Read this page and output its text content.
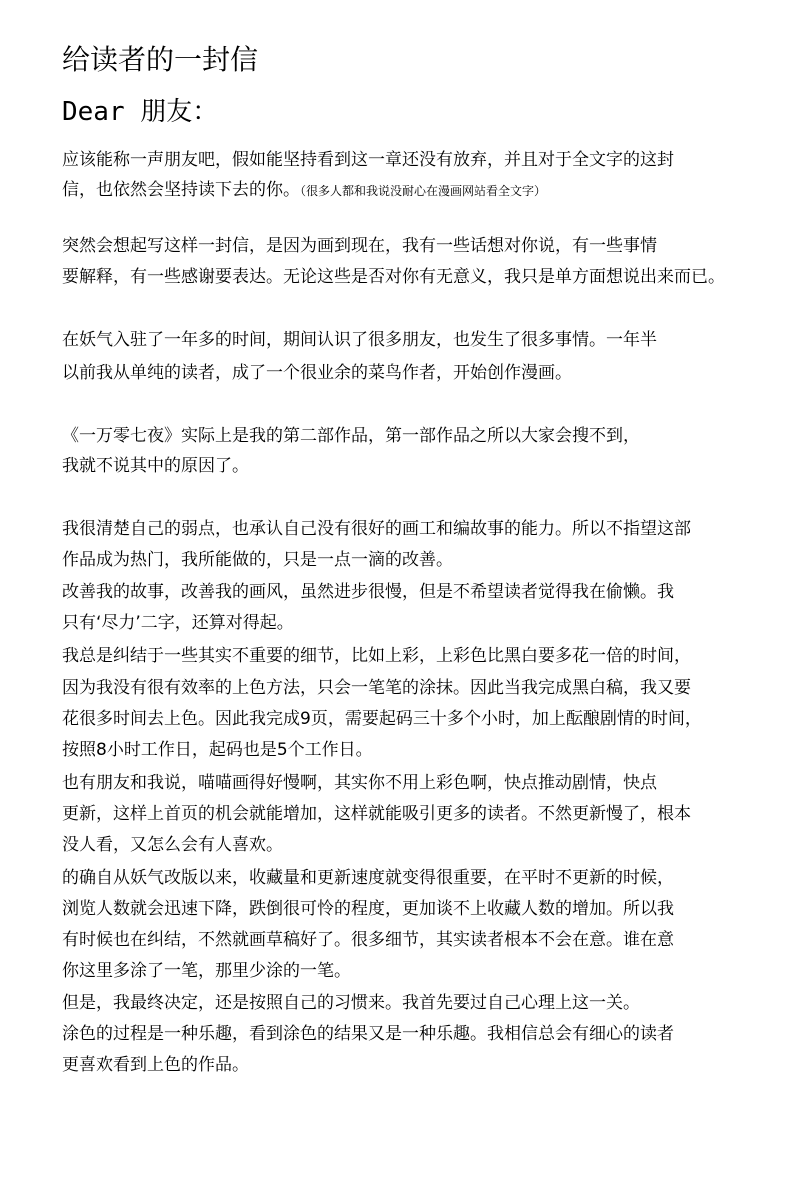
给读者的一封信
Dear 朋友：
应该能称一声朋友吧，假如能坚持看到这一章还没有放弃，并且对于全文字的这封
信，也依然会坚持读下去的你。（很多人都和我说没耐心在漫画网站看全文字）
突然会想起写这样一封信，是因为画到现在，我有一些话想对你说，有一些事情
要解释，有一些感谢要表达。无论这些是否对你有无意义，我只是单方面想说出来而已。
在妖气入驻了一年多的时间，期间认识了很多朋友，也发生了很多事情。一年半
以前我从单纯的读者，成了一个很业余的菜鸟作者，开始创作漫画。
《一万零七夜》实际上是我的第二部作品，第一部作品之所以大家会搜不到，
我就不说其中的原因了。
我很清楚自己的弱点，也承认自己没有很好的画工和编故事的能力。所以不指望这部
作品成为热门，我所能做的，只是一点一滴的改善。
改善我的故事，改善我的画风，虽然进步很慢，但是不希望读者觉得我在偷懒。我
只有‘尽力’二字，还算对得起。
我总是纠结于一些其实不重要的细节，比如上彩，上彩色比黑白要多花一倍的时间，
因为我没有很有效率的上色方法，只会一笔笔的涂抹。因此当我完成黑白稿，我又要
花很多时间去上色。因此我完成9页，需要起码三十多个小时，加上酝酿剧情的时间，
按照8小时工作日，起码也是5个工作日。
也有朋友和我说，喵喵画得好慢啊，其实你不用上彩色啊，快点推动剧情，快点
更新，这样上首页的机会就能增加，这样就能吸引更多的读者。不然更新慢了，根本
没人看，又怎么会有人喜欢。
的确自从妖气改版以来，收藏量和更新速度就变得很重要，在平时不更新的时候，
浏览人数就会迅速下降，跌倒很可怜的程度，更加谈不上收藏人数的增加。所以我
有时候也在纠结，不然就画草稿好了。很多细节，其实读者根本不会在意。谁在意
你这里多涂了一笔，那里少涂的一笔。
但是，我最终决定，还是按照自己的习惯来。我首先要过自己心理上这一关。
涂色的过程是一种乐趣，看到涂色的结果又是一种乐趣。我相信总会有细心的读者
更喜欢看到上色的作品。
